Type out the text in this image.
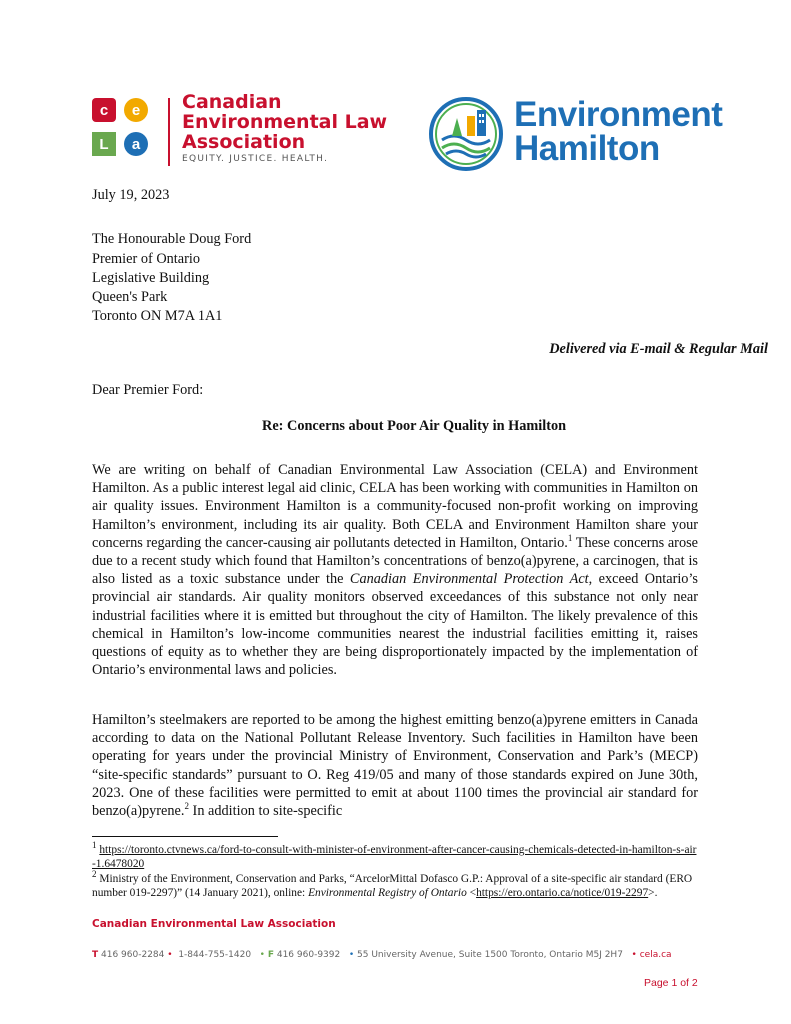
c	e
L	a
Canadian
Environmental Law
Association
EQUITY. JUSTICE. HEALTH.
Environment
Hamilton
July 19, 2023
The Honourable Doug Ford
Premier of Ontario
Legislative Building
Queen's Park
Toronto ON M7A 1A1
Delivered via E-mail & Regular Mail
Dear Premier Ford:
Re: Concerns about Poor Air Quality in Hamilton
We are writing on behalf of Canadian Environmental Law Association (CELA) and Environment Hamilton. As a public interest legal aid clinic, CELA has been working with communities in Hamilton on air quality issues. Environment Hamilton is a community-focused non-profit working on improving Hamilton’s environment, including its air quality. Both CELA and Environment Hamilton share your concerns regarding the cancer-causing air pollutants detected in Hamilton, Ontario.$^1$ These concerns arose due to a recent study which found that Hamilton’s concentrations of benzo(a)pyrene, a carcinogen, that is also listed as a toxic substance under the Canadian Environmental Protection Act, exceed Ontario’s provincial air standards. Air quality monitors observed exceedances of this substance not only near industrial facilities where it is emitted but throughout the city of Hamilton. The likely prevalence of this chemical in Hamilton’s low-income communities nearest the industrial facilities emitting it, raises questions of equity as to whether they are being disproportionately impacted by the implementation of Ontario’s environmental laws and policies.
Hamilton’s steelmakers are reported to be among the highest emitting benzo(a)pyrene emitters in Canada according to data on the National Pollutant Release Inventory. Such facilities in Hamilton have been operating for years under the provincial Ministry of Environment, Conservation and Park’s (MECP) “site-specific standards” pursuant to O. Reg 419/05 and many of those standards expired on June 30th, 2023. One of these facilities were permitted to emit at about 1100 times the provincial air standard for benzo(a)pyrene.$^2$ In addition to site-specific
$^1$ https://toronto.ctvnews.ca/ford-to-consult-with-minister-of-environment-after-cancer-causing-chemicals-detected-in-hamilton-s-air-1.6478020
$^2$ Ministry of the Environment, Conservation and Parks, “ArcelorMittal Dofasco G.P.: Approval of a site-specific air standard (ERO number 019-2297)” (14 January 2021), online: Environmental Registry of Ontario <https://ero.ontario.ca/notice/019-2297>.
Canadian Environmental Law Association
T 416 960-2284 • 1-844-755-1420 • F 416 960-9392 • 55 University Avenue, Suite 1500 Toronto, Ontario M5J 2H7 • cela.ca
Page 1 of 2
